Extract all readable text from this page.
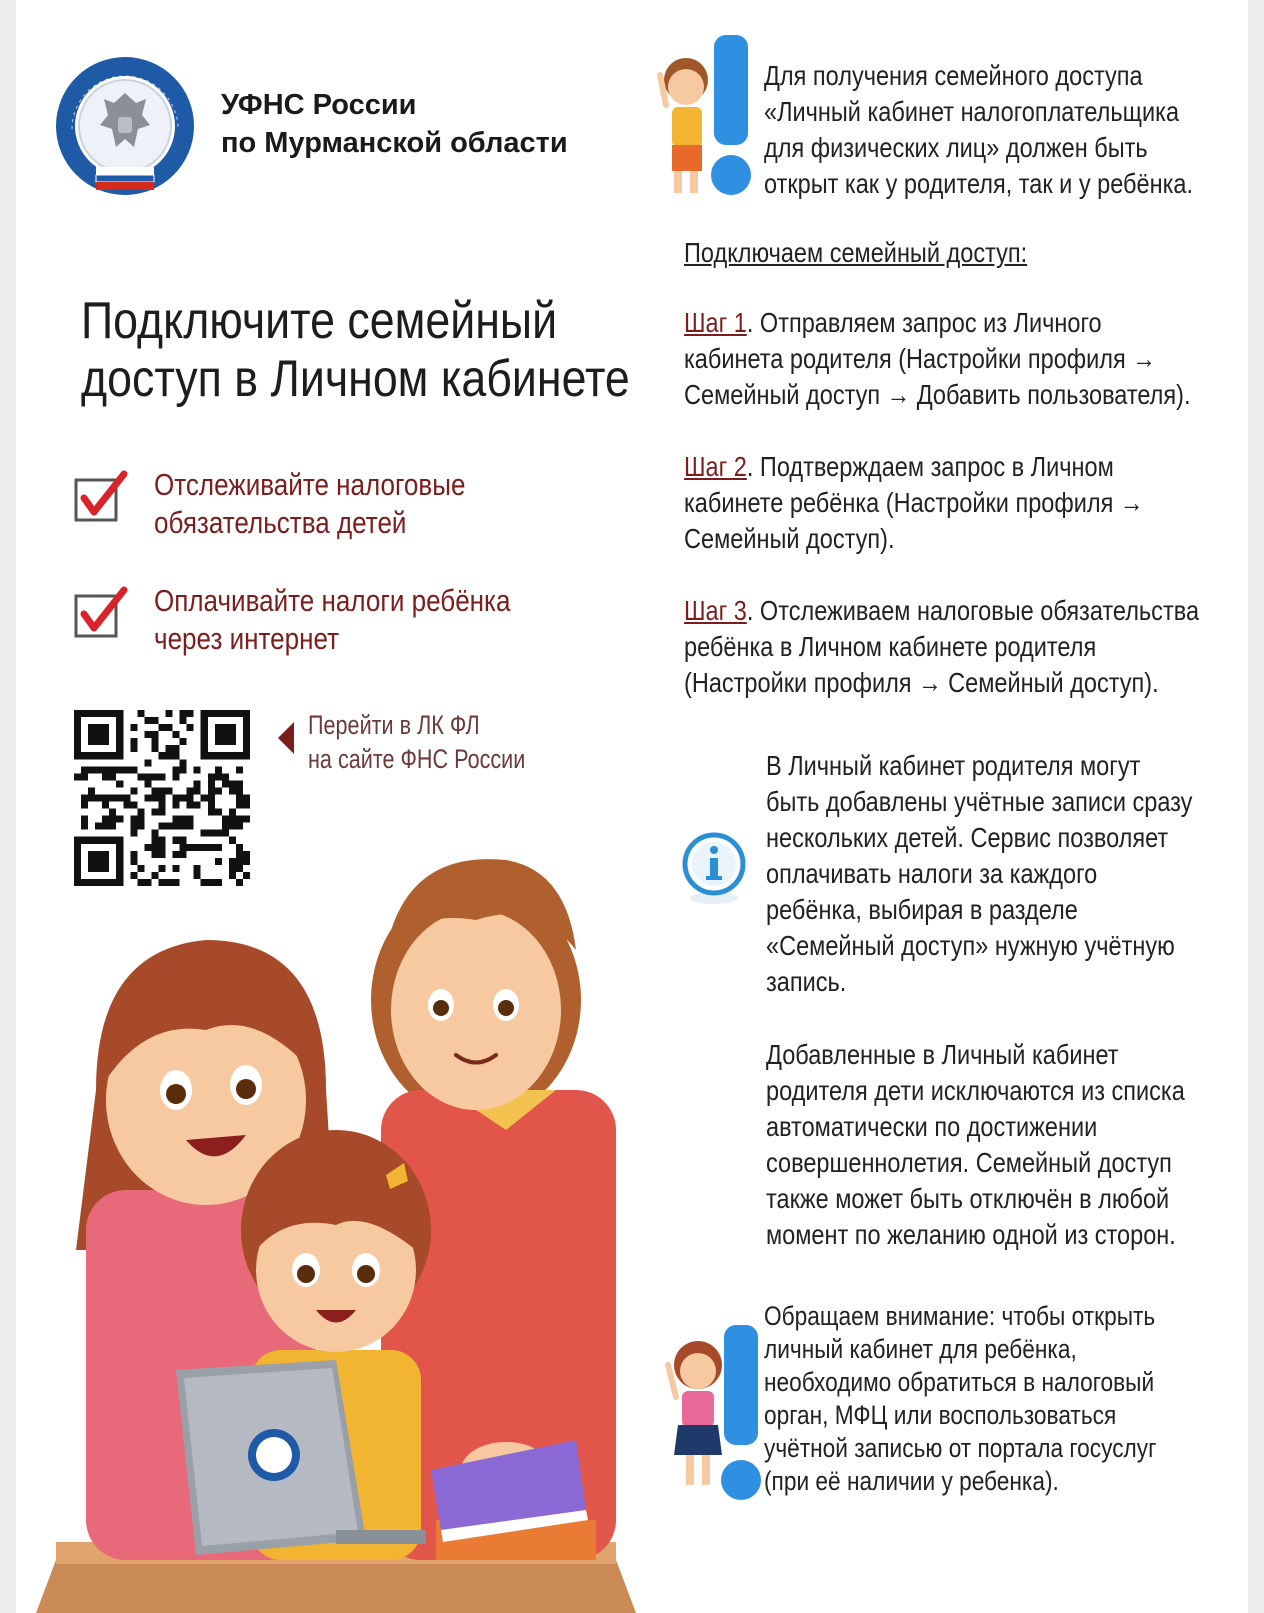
УФНС России
по Мурманской области
Подключите семейный
доступ в Личном кабинете
Отслеживайте налоговые
обязательства детей
Оплачивайте налоги ребёнка
через интернет
Перейти в ЛК ФЛ
на сайте ФНС России
Для получения семейного доступа
«Личный кабинет налогоплательщика
для физических лиц» должен быть
открыт как у родителя, так и у ребёнка.
Подключаем семейный доступ:
Шаг 1. Отправляем запрос из Личного
кабинета родителя (Настройки профиля →
Семейный доступ → Добавить пользователя).
Шаг 2. Подтверждаем запрос в Личном
кабинете ребёнка (Настройки профиля →
Семейный доступ).
Шаг 3. Отслеживаем налоговые обязательства
ребёнка в Личном кабинете родителя
(Настройки профиля → Семейный доступ).
В Личный кабинет родителя могут
быть добавлены учётные записи сразу
нескольких детей. Сервис позволяет
оплачивать налоги за каждого
ребёнка, выбирая в разделе
«Семейный доступ» нужную учётную
запись.
Добавленные в Личный кабинет
родителя дети исключаются из списка
автоматически по достижении
совершеннолетия. Семейный доступ
также может быть отключён в любой
момент по желанию одной из сторон.
Обращаем внимание: чтобы открыть
личный кабинет для ребёнка,
необходимо обратиться в налоговый
орган, МФЦ или воспользоваться
учётной записью от портала госуслуг
(при её наличии у ребенка).
